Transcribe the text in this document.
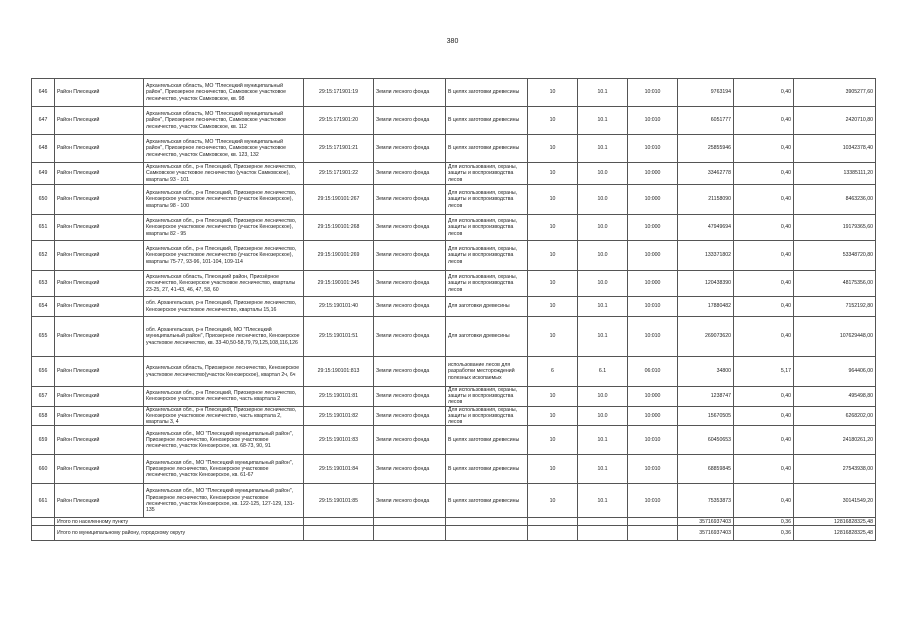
380
646	Район Плесецкий	Архангельская область, МО "Плесецкий муниципальный район", Приозерное лесничество, Самковское участковое лесничество, участок Самковское, кв. 98	29:15:171901:19	Земли лесного фонда	В целях заготовки древесины	10	10.1	10:010	9763194	0,40	3905277,60
647	Район Плесецкий	Архангельская область, МО "Плесецкий муниципальный район", Приозерное лесничество, Самковское участковое лесничество, участок Самковское, кв. 112	29:15:171901:20	Земли лесного фонда	В целях заготовки древесины	10	10.1	10:010	6051777	0,40	2420710,80
648	Район Плесецкий	Архангельская область, МО "Плесецкий муниципальный район", Приозерное лесничество, Самковское участковое лесничество, участок Самковское, кв. 123, 132	29:15:171901:21	Земли лесного фонда	В целях заготовки древесины	10	10.1	10:010	25855946	0,40	10342378,40
649	Район Плесецкий	Архангельская обл., р-н Плесецкий, Приозерное лесничество, Самковское участковое лесничество (участок Самковское), кварталы 93 - 101	29:15:171901:22	Земли лесного фонда	Для использования, охраны, защиты и воспроизводства лесов	10	10.0	10:000	33462778	0,40	13385111,20
650	Район Плесецкий	Архангельская обл., р-н Плесецкий, Приозерное лесничество, Кенозерское участковое лесничество (участок Кенозерское), кварталы 98 - 100	29:15:190101:267	Земли лесного фонда	Для использования, охраны, защиты и воспроизводства лесов	10	10.0	10:000	21158090	0,40	8463236,00
651	Район Плесецкий	Архангельская обл., р-н Плесецкий, Приозерное лесничество, Кенозерское участковое лесничество (участок Кенозерское), кварталы 82 - 95	29:15:190101:268	Земли лесного фонда	Для использования, охраны, защиты и воспроизводства лесов	10	10.0	10:000	47949694	0,40	19179365,60
652	Район Плесецкий	Архангельская обл., р-н Плесецкий, Приозерное лесничество, Кенозерское участковое лесничество (участок Кенозерское), кварталы 75-77, 93-96, 101-104, 109-114	29:15:190101:269	Земли лесного фонда	Для использования, охраны, защиты и воспроизводства лесов	10	10.0	10:000	133371802	0,40	53348720,80
653	Район Плесецкий	Архангельская область, Плесецкий район, Приозёрное лесничество, Кенозерское участковое лесничество, кварталы 23-25, 27, 41-43, 46, 47, 58, 60	29:15:190101:345	Земли лесного фонда	Для использования, охраны, защиты и воспроизводства лесов	10	10.0	10:000	120438390	0,40	48175356,00
654	Район Плесецкий	обл. Архангельская, р-н Плесецкий, Приозерное лесничество, Кенозерское участковое лесничество, кварталы 15,16	29:15:190101:40	Земли лесного фонда	Для заготовки древесины	10	10.1	10:010	17880482	0,40	7152192,80
655	Район Плесецкий	обл. Архангельская, р-н Плесецкий, МО "Плесецкий муниципальный район", Приозерное лесничество, Кенозерское участковое лесничество, кв. 33-40,50-58,79,79,125,108,116,126	29:15:190101:51	Земли лесного фонда	Для заготовки древесины	10	10.1	10:010	269073620	0,40	107629448,00
656	Район Плесецкий	Архангельская область, Приозерное лесничество, Кенозерское участковое лесничество(участок Кенозерское), квартал 2ч, 6ч	29:15:190101:813	Земли лесного фонда	использование лесов для разработки месторождений полезных ископаемых	6	6.1	06:010	34800	5,17	964406,00
657	Район Плесецкий	Архангельская обл., р-н Плесецкий, Приозерное лесничество, Кенозерское участковое лесничество, часть квартала 2	29:15:190101:81	Земли лесного фонда	Для использования, охраны, защиты и воспроизводства лесов	10	10.0	10:000	1238747	0,40	495498,80
658	Район Плесецкий	Архангельская обл., р-н Плесецкий, Приозерное лесничество, Кенозерское участковое лесничество, часть квартала 2, кварталы 3, 4	29:15:190101:82	Земли лесного фонда	Для использования, охраны, защиты и воспроизводства лесов	10	10.0	10:000	15670505	0,40	6268202,00
659	Район Плесецкий	Архангельская обл., МО "Плесецкий муниципальный район", Приозерное лесничество, Кенозерское участковое лесничество, участок Кенозерское, кв. 68-73, 90, 91	29:15:190101:83	Земли лесного фонда	В целях заготовки древесины	10	10.1	10:010	60450653	0,40	24180261,20
660	Район Плесецкий	Архангельская обл., МО "Плесецкий муниципальный район", Приозерное лесничество, Кенозерское участковое лесничество, участок Кенозерское, кв. 61-67	29:15:190101:84	Земли лесного фонда	В целях заготовки древесины	10	10.1	10:010	68859845	0,40	27543938,00
661	Район Плесецкий	Архангельская обл., МО "Плесецкий муниципальный район", Приозерное лесничество, Кенозерское участковое лесничество, участок Кенозерское, кв. 122-125, 127-129, 131-135	29:15:190101:85	Земли лесного фонда	В целях заготовки древесины	10	10.1	10:010	75353873	0,40	30141549,20
	Итого по населенному пункту								35716937403	0,36	12816828325,48
	Итого по муниципальному району, городскому округу								35716937403	0,36	12816828325,48
